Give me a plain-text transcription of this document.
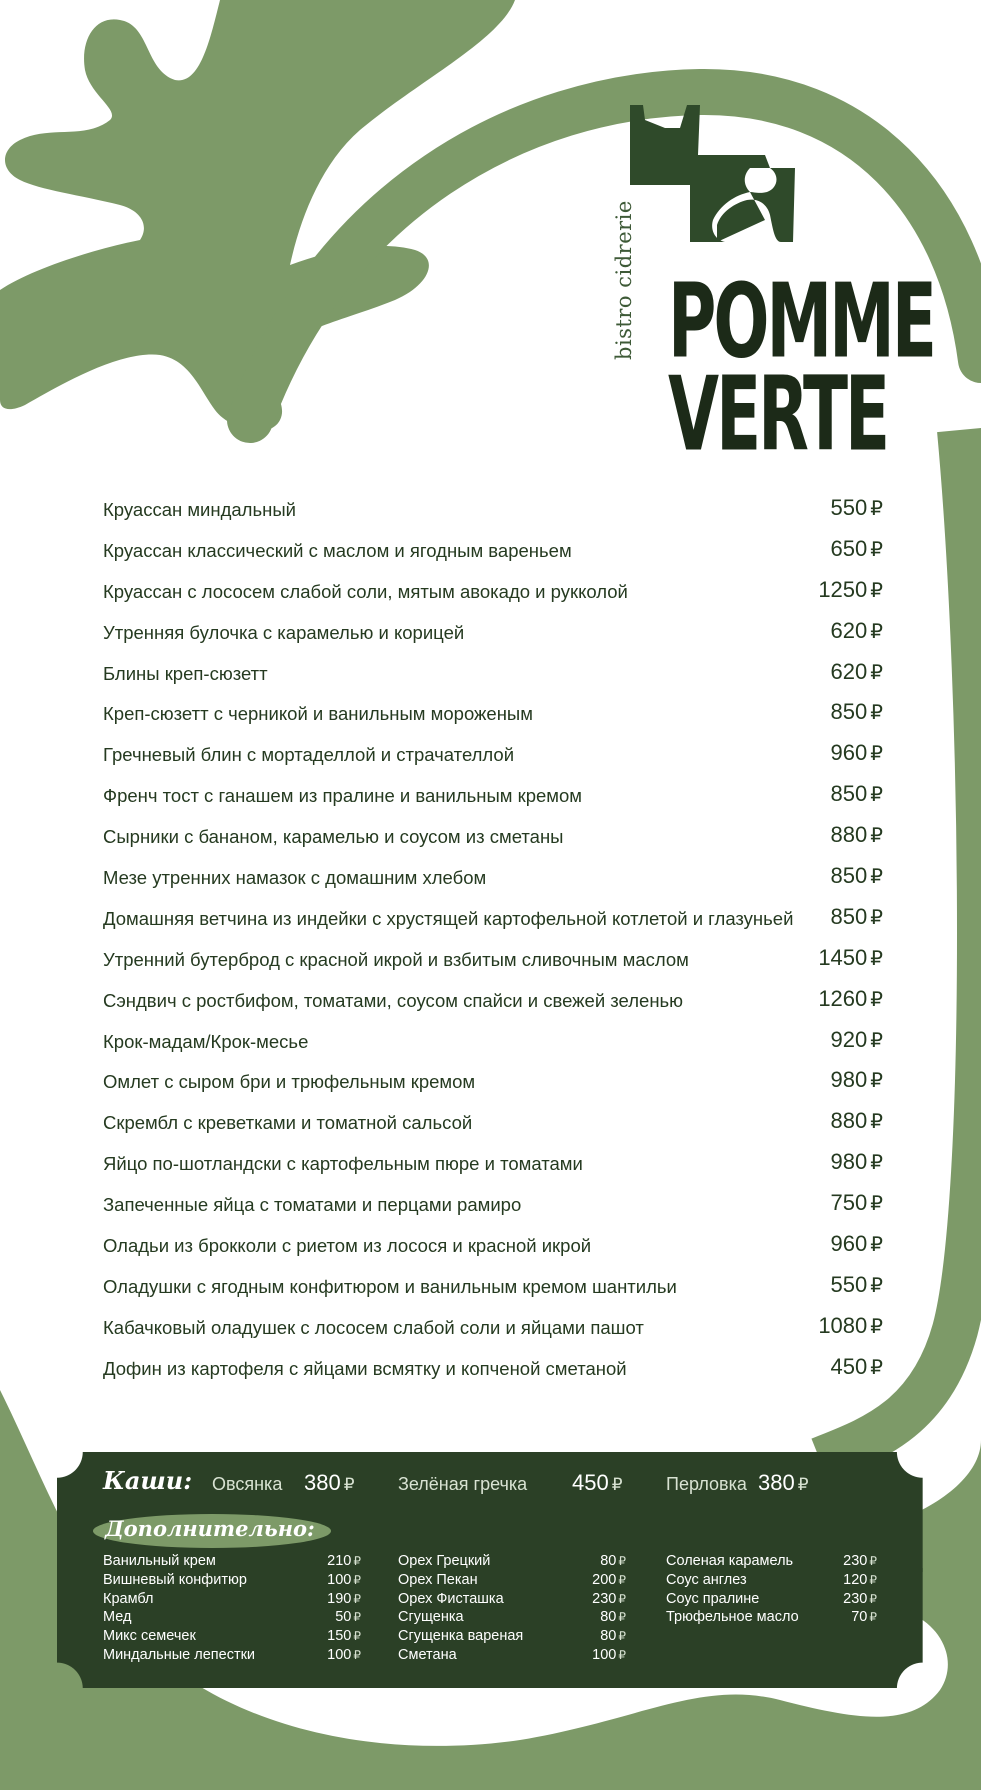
bistro cidrerie POMME
VERTE
Круассан миндальный	550 ₽
Круассан классический с маслом и ягодным вареньем	650 ₽
Круассан с лососем слабой соли, мятым авокадо и рукколой	1250 ₽
Утренняя булочка с карамелью и корицей	620 ₽
Блины креп-сюзетт	620 ₽
Креп-сюзетт с черникой и ванильным мороженым	850 ₽
Гречневый блин с мортаделлой и страчателлой	960 ₽
Френч тост с ганашем из пралине и ванильным кремом	850 ₽
Сырники с бананом, карамелью и соусом из сметаны	880 ₽
Мезе утренних намазок с домашним хлебом	850 ₽
Домашняя ветчина из индейки с хрустящей картофельной котлетой и глазуньей 850 ₽
Утренний бутерброд с красной икрой и взбитым сливочным маслом	1450 ₽
Сэндвич с ростбифом, томатами, соусом спайси и свежей зеленью	1260 ₽
Крок-мадам/Крок-месье	920 ₽
Омлет с сыром бри и трюфельным кремом	980 ₽
Скрембл с креветками и томатной сальсой	880 ₽
Яйцо по-шотландски с картофельным пюре и томатами	980 ₽
Запеченные яйца с томатами и перцами рамиро	750 ₽
Оладьи из брокколи с риетом из лосося и красной икрой	960 ₽
Оладушки с ягодным конфитюром и ванильным кремом шантильи	550 ₽
Кабачковый оладушек с лососем слабой соли и яйцами пашот	1080 ₽
Дофин из картофеля с яйцами всмятку и копченой сметаной	450 ₽
Каши: Овсянка 380 ₽ Зелёная гречка 450 ₽ Перловка 380 ₽
Дополнительно:
Ванильный крем	210 ₽
Вишневый конфитюр	100 ₽
Крамбл	190 ₽
Мед	50 ₽
Микс семечек	150 ₽
Миндальные лепестки	100 ₽
Орех Грецкий	80 ₽
Орех Пекан	200 ₽
Орех Фисташка	230 ₽
Сгущенка	80 ₽
Сгущенка вареная	80 ₽
Сметана	100 ₽
Соленая карамель	230 ₽
Соус англез	120 ₽
Соус пралине	230 ₽
Трюфельное масло	70 ₽
